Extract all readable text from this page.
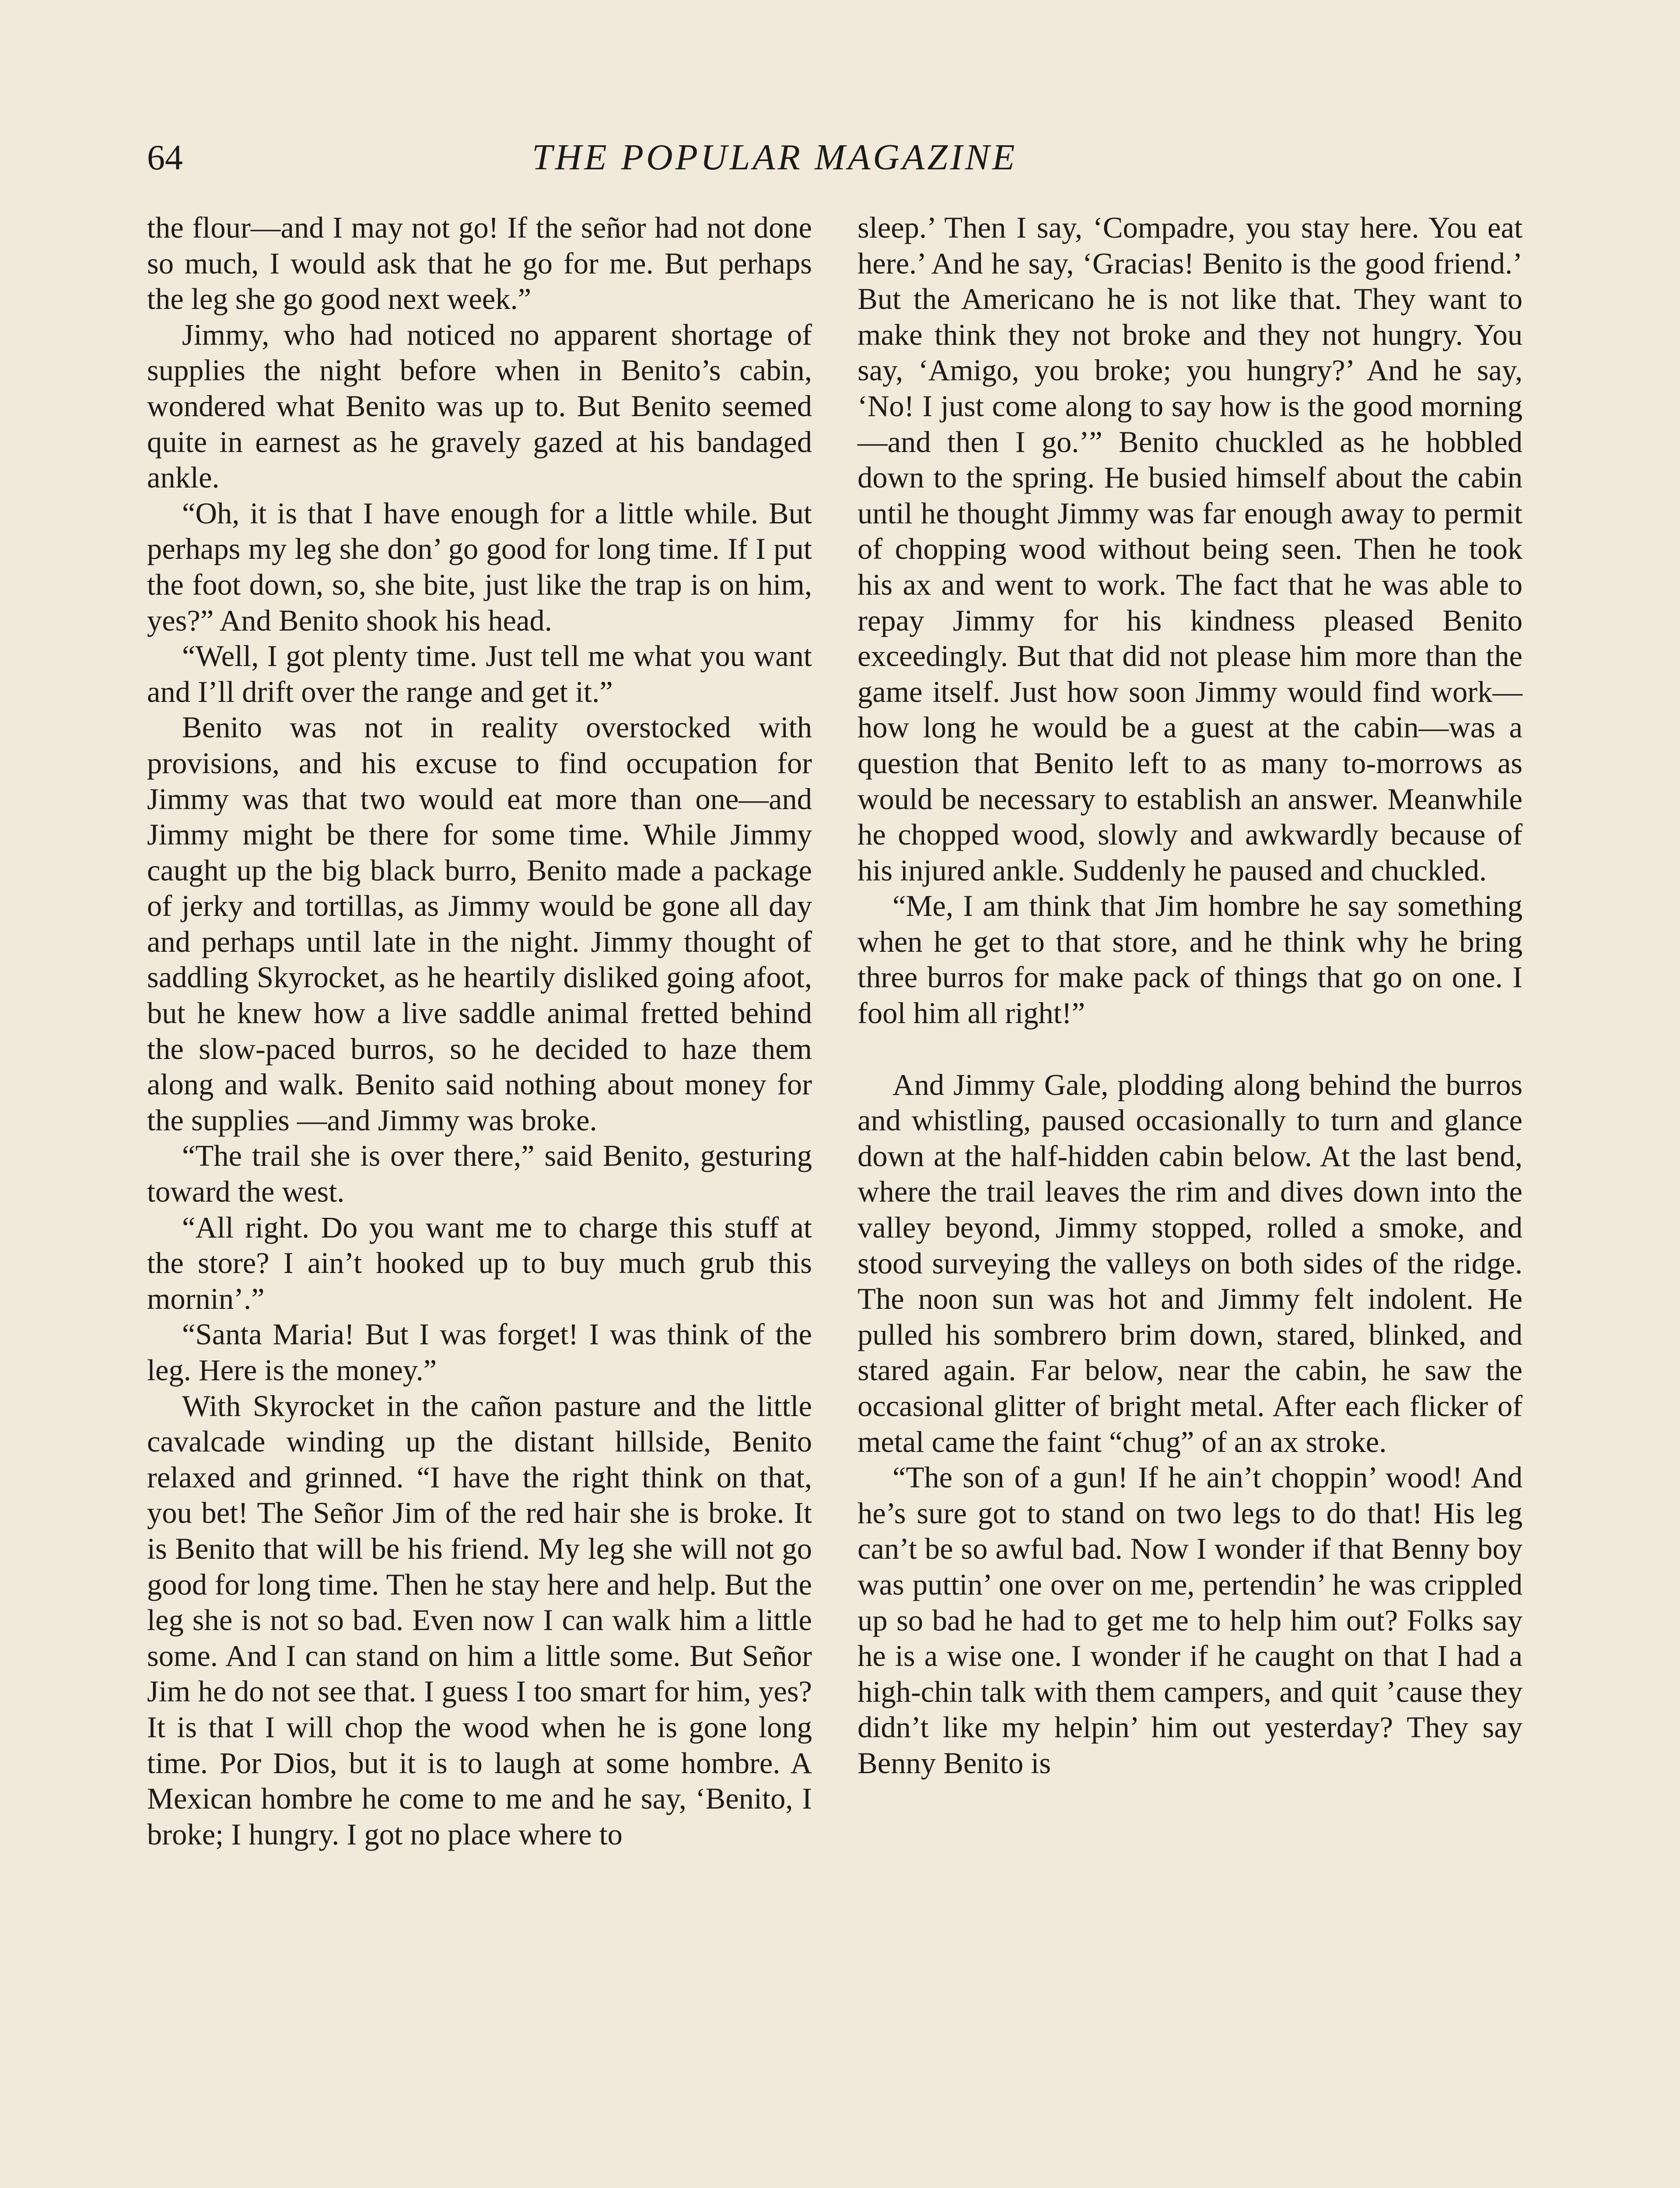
64	THE POPULAR MAGAZINE

the flour—and I may not go! If the señor had not done so much, I would ask that he go for me. But perhaps the leg she go good next week.”

Jimmy, who had noticed no apparent shortage of supplies the night before when in Benito’s cabin, wondered what Benito was up to. But Benito seemed quite in earnest as he gravely gazed at his bandaged ankle.

“Oh, it is that I have enough for a little while. But perhaps my leg she don’ go good for long time. If I put the foot down, so, she bite, just like the trap is on him, yes?” And Benito shook his head.

“Well, I got plenty time. Just tell me what you want and I’ll drift over the range and get it.”

Benito was not in reality overstocked with provisions, and his excuse to find occupation for Jimmy was that two would eat more than one—and Jimmy might be there for some time. While Jimmy caught up the big black burro, Benito made a package of jerky and tortillas, as Jimmy would be gone all day and perhaps until late in the night. Jimmy thought of saddling Skyrocket, as he heartily disliked going afoot, but he knew how a live saddle animal fretted behind the slow-paced burros, so he decided to haze them along and walk. Benito said nothing about money for the supplies —and Jimmy was broke.

“The trail she is over there,” said Benito, gesturing toward the west.

“All right. Do you want me to charge this stuff at the store? I ain’t hooked up to buy much grub this mornin’.”

“Santa Maria! But I was forget! I was think of the leg. Here is the money.”

With Skyrocket in the cañon pasture and the little cavalcade winding up the distant hillside, Benito relaxed and grinned. “I have the right think on that, you bet! The Señor Jim of the red hair she is broke. It is Benito that will be his friend. My leg she will not go good for long time. Then he stay here and help. But the leg she is not so bad. Even now I can walk him a little some. And I can stand on him a little some. But Señor Jim he do not see that. I guess I too smart for him, yes? It is that I will chop the wood when he is gone long time. Por Dios, but it is to laugh at some hombre. A Mexican hombre he come to me and he say, ‘Benito, I broke; I hungry. I got no place where to

sleep.’ Then I say, ‘Compadre, you stay here. You eat here.’ And he say, ‘Gracias! Benito is the good friend.’ But the Americano he is not like that. They want to make think they not broke and they not hungry. You say, ‘Amigo, you broke; you hungry?’ And he say, ‘No! I just come along to say how is the good morning—and then I go.’” Benito chuckled as he hobbled down to the spring. He busied himself about the cabin until he thought Jimmy was far enough away to permit of chopping wood without being seen. Then he took his ax and went to work. The fact that he was able to repay Jimmy for his kindness pleased Benito exceedingly. But that did not please him more than the game itself. Just how soon Jimmy would find work—how long he would be a guest at the cabin—was a question that Benito left to as many to-morrows as would be necessary to establish an answer. Meanwhile he chopped wood, slowly and awkwardly because of his injured ankle. Suddenly he paused and chuckled.

“Me, I am think that Jim hombre he say something when he get to that store, and he think why he bring three burros for make pack of things that go on one. I fool him all right!”

And Jimmy Gale, plodding along behind the burros and whistling, paused occasionally to turn and glance down at the half-hidden cabin below. At the last bend, where the trail leaves the rim and dives down into the valley beyond, Jimmy stopped, rolled a smoke, and stood surveying the valleys on both sides of the ridge. The noon sun was hot and Jimmy felt indolent. He pulled his sombrero brim down, stared, blinked, and stared again. Far below, near the cabin, he saw the occasional glitter of bright metal. After each flicker of metal came the faint “chug” of an ax stroke.

“The son of a gun! If he ain’t choppin’ wood! And he’s sure got to stand on two legs to do that! His leg can’t be so awful bad. Now I wonder if that Benny boy was puttin’ one over on me, pertendin’ he was crippled up so bad he had to get me to help him out? Folks say he is a wise one. I wonder if he caught on that I had a high-chin talk with them campers, and quit ’cause they didn’t like my helpin’ him out yesterday? They say Benny Benito is
